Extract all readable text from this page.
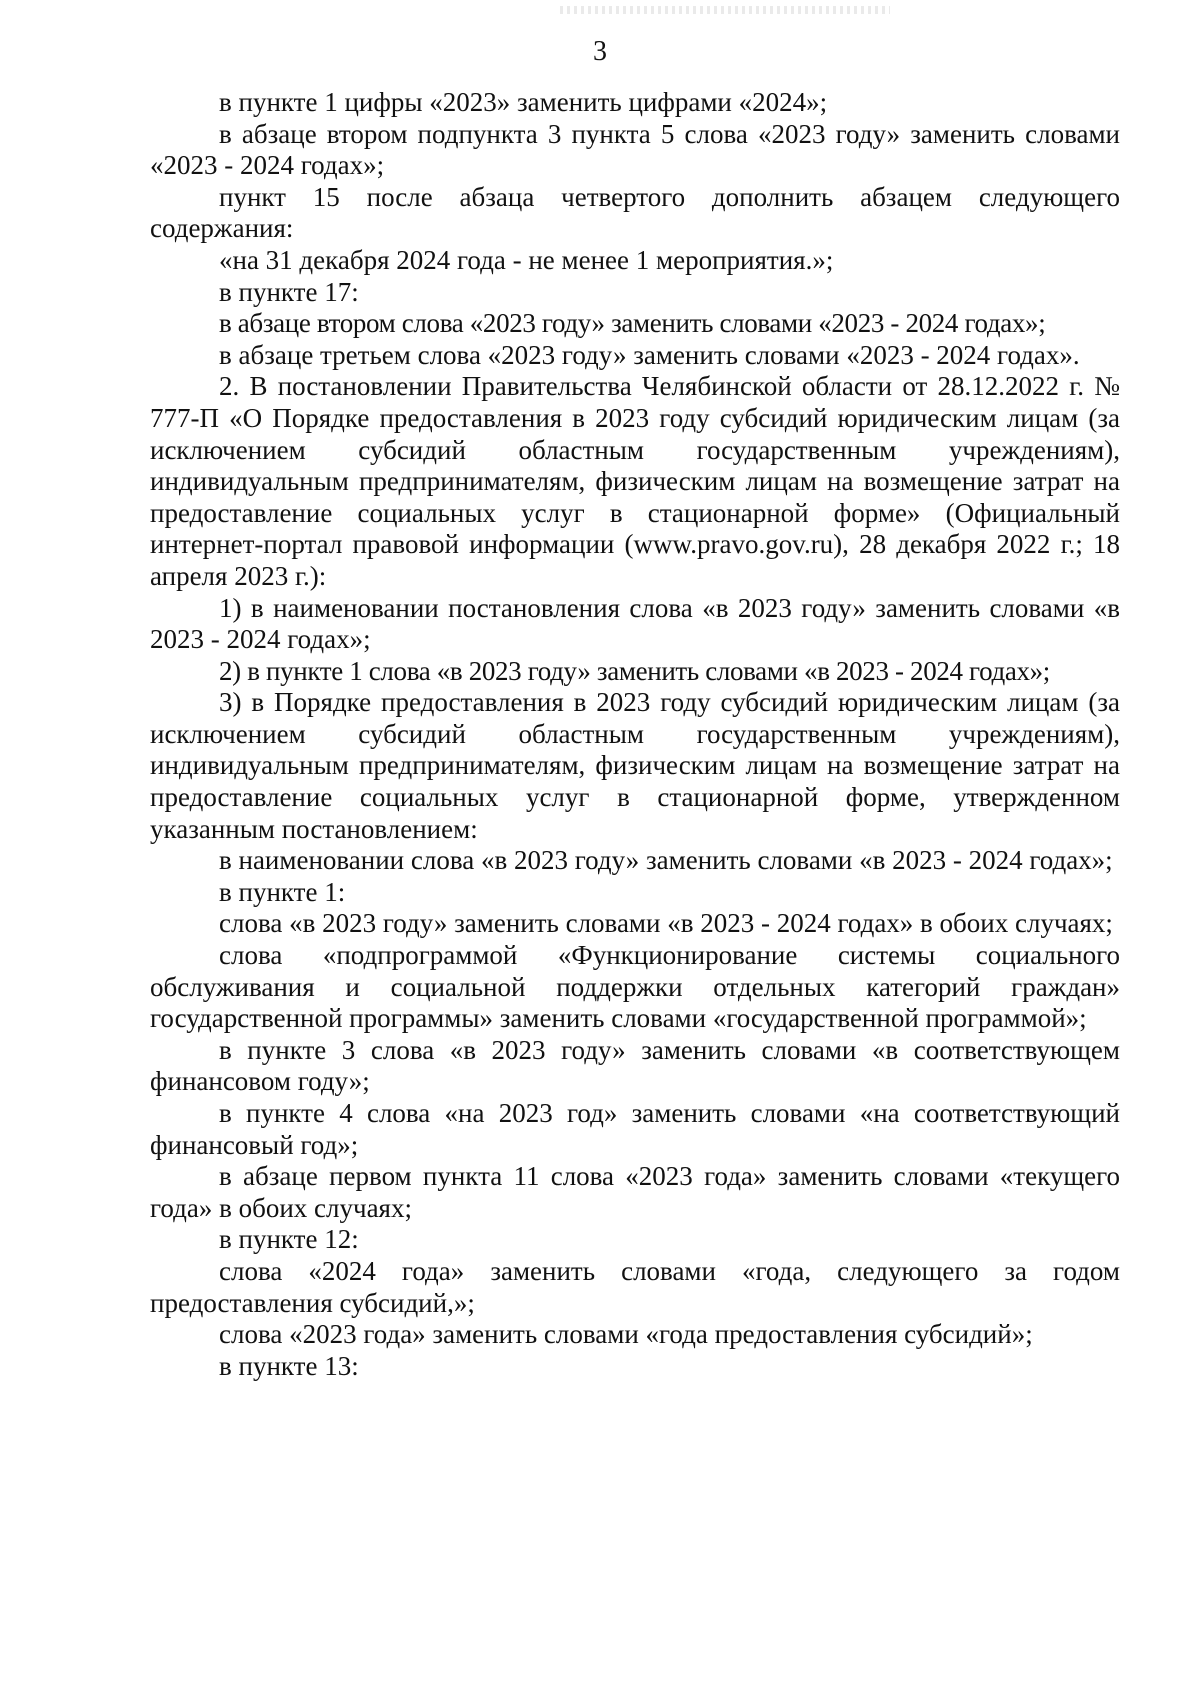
3

в пункте 1 цифры «2023» заменить цифрами «2024»;

в абзаце втором подпункта 3 пункта 5 слова «2023 году» заменить словами «2023 - 2024 годах»;

пункт 15 после абзаца четвертого дополнить абзацем следующего содержания:

«на 31 декабря 2024 года - не менее 1 мероприятия.»;

в пункте 17:

в абзаце втором слова «2023 году» заменить словами «2023 - 2024 годах»;

в абзаце третьем слова «2023 году» заменить словами «2023 - 2024 годах».

2. В постановлении Правительства Челябинской области от 28.12.2022 г. № 777-П «О Порядке предоставления в 2023 году субсидий юридическим лицам (за исключением субсидий областным государственным учреждениям), индивидуальным предпринимателям, физическим лицам на возмещение затрат на предоставление социальных услуг в стационарной форме» (Официальный интернет-портал правовой информации (www.pravo.gov.ru), 28 декабря 2022 г.; 18 апреля 2023 г.):

1) в наименовании постановления слова «в 2023 году» заменить словами «в 2023 - 2024 годах»;

2) в пункте 1 слова «в 2023 году» заменить словами «в 2023 - 2024 годах»;

3) в Порядке предоставления в 2023 году субсидий юридическим лицам (за исключением субсидий областным государственным учреждениям), индивидуальным предпринимателям, физическим лицам на возмещение затрат на предоставление социальных услуг в стационарной форме, утвержденном указанным постановлением:

в наименовании слова «в 2023 году» заменить словами «в 2023 - 2024 годах»;

в пункте 1:

слова «в 2023 году» заменить словами «в 2023 - 2024 годах» в обоих случаях;

слова «подпрограммой «Функционирование системы социального обслуживания и социальной поддержки отдельных категорий граждан» государственной программы» заменить словами «государственной программой»;

в пункте 3 слова «в 2023 году» заменить словами «в соответствующем финансовом году»;

в пункте 4 слова «на 2023 год» заменить словами «на соответствующий финансовый год»;

в абзаце первом пункта 11 слова «2023 года» заменить словами «текущего года» в обоих случаях;

в пункте 12:

слова «2024 года» заменить словами «года, следующего за годом предоставления субсидий,»;

слова «2023 года» заменить словами «года предоставления субсидий»;

в пункте 13:
